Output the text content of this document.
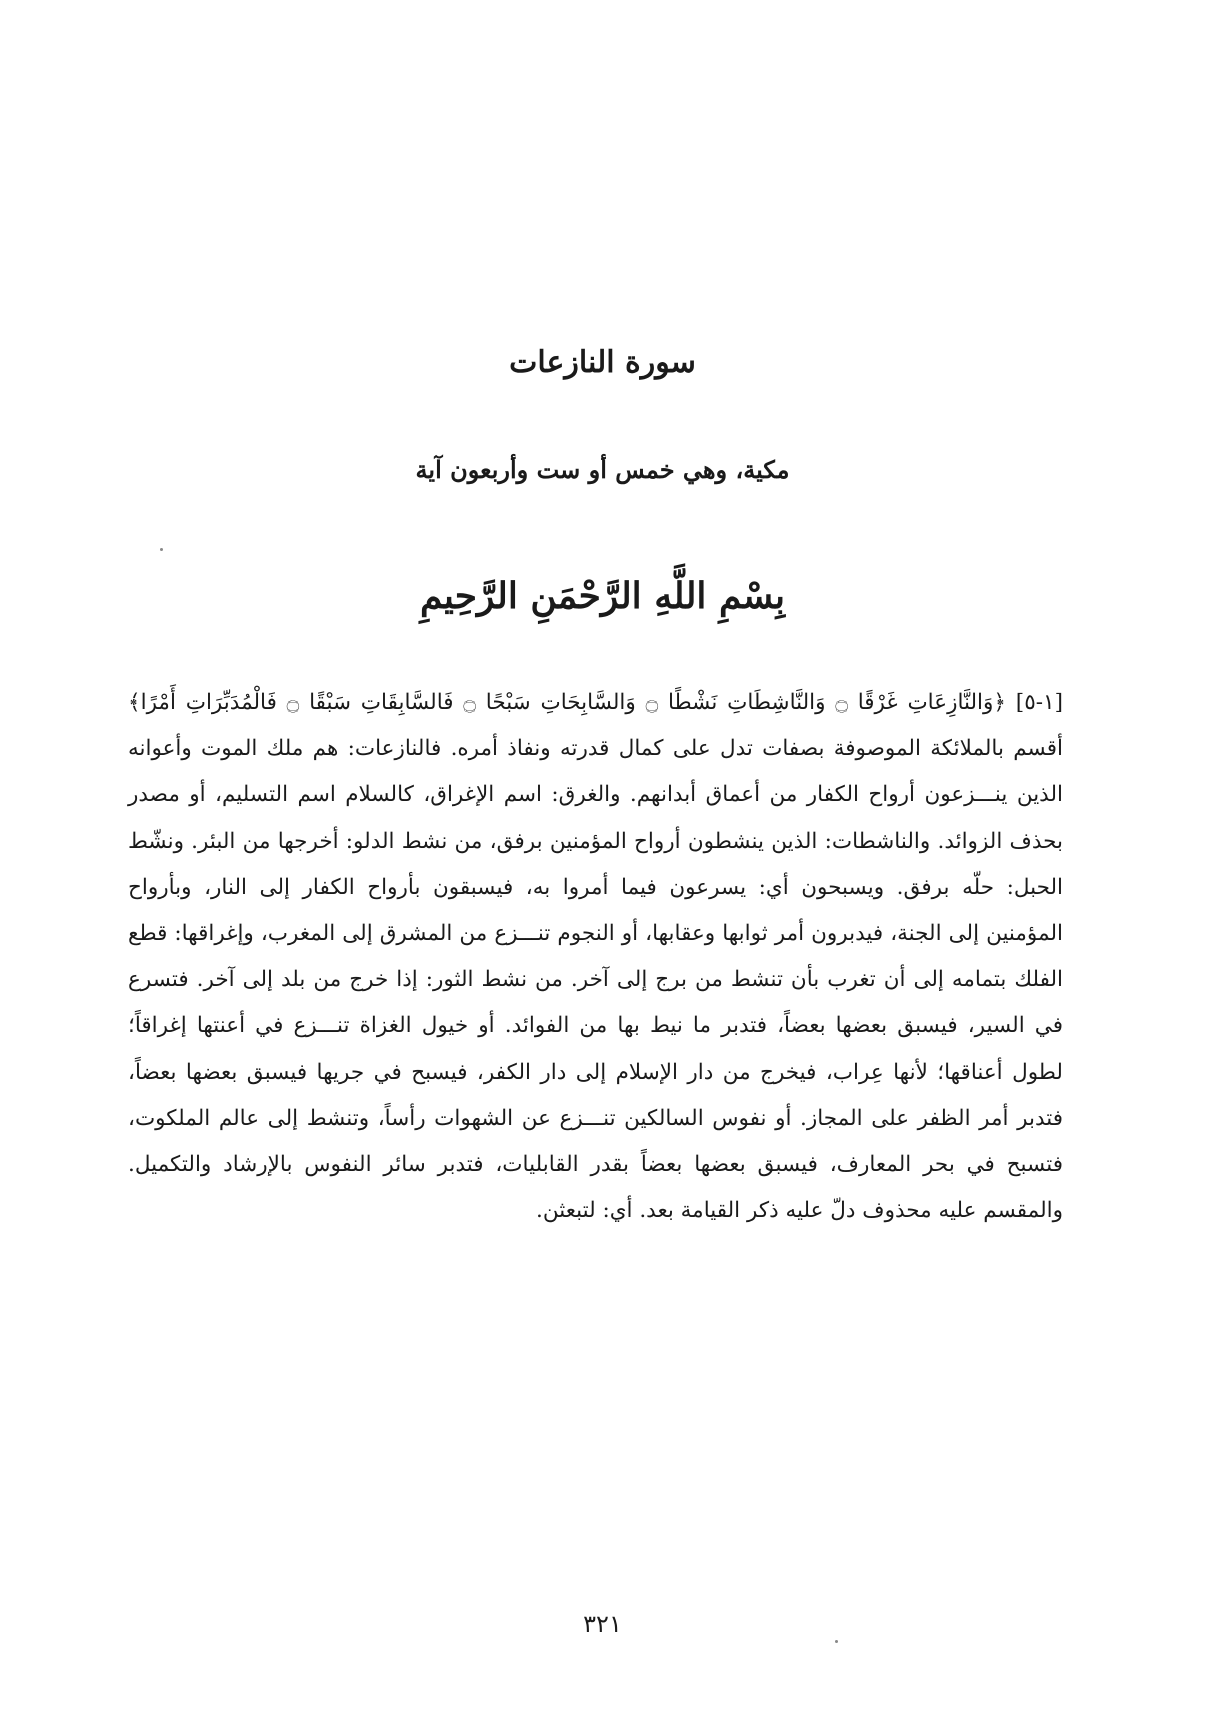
سورة النازعات
مكية، وهي خمس أو ست وأربعون آية
بِسْمِ اللَّهِ الرَّحْمَنِ الرَّحِيمِ
[١-٥] ﴿وَالنَّازِعَاتِ غَرْقًا ۝ وَالنَّاشِطَاتِ نَشْطًا ۝ وَالسَّابِحَاتِ سَبْحًا ۝ فَالسَّابِقَاتِ سَبْقًا ۝ فَالْمُدَبِّرَاتِ أَمْرًا﴾ أقسم بالملائكة الموصوفة بصفات تدل على كمال قدرته ونفاذ أمره. فالنازعات: هم ملك الموت وأعوانه الذين ينـــزعون أرواح الكفار من أعماق أبدانهم. والغرق: اسم الإغراق، كالسلام اسم التسليم، أو مصدر بحذف الزوائد. والناشطات: الذين ينشطون أرواح المؤمنين برفق، من نشط الدلو: أخرجها من البئر. ونشّط الحبل: حلّه برفق. ويسبحون أي: يسرعون فيما أمروا به، فيسبقون بأرواح الكفار إلى النار، وبأرواح المؤمنين إلى الجنة، فيدبرون أمر ثوابها وعقابها، أو النجوم تنـــزع من المشرق إلى المغرب، وإغراقها: قطع الفلك بتمامه إلى أن تغرب بأن تنشط من برج إلى آخر. من نشط الثور: إذا خرج من بلد إلى آخر. فتسرع في السير، فيسبق بعضها بعضاً، فتدبر ما نيط بها من الفوائد. أو خيول الغزاة تنـــزع في أعنتها إغراقاً؛ لطول أعناقها؛ لأنها عِراب، فيخرج من دار الإسلام إلى دار الكفر، فيسبح في جريها فيسبق بعضها بعضاً، فتدبر أمر الظفر على المجاز. أو نفوس السالكين تنـــزع عن الشهوات رأساً، وتنشط إلى عالم الملكوت، فتسبح في بحر المعارف، فيسبق بعضها بعضاً بقدر القابليات، فتدبر سائر النفوس بالإرشاد والتكميل. والمقسم عليه محذوف دلّ عليه ذكر القيامة بعد. أي: لتبعثن.
٣٢١
